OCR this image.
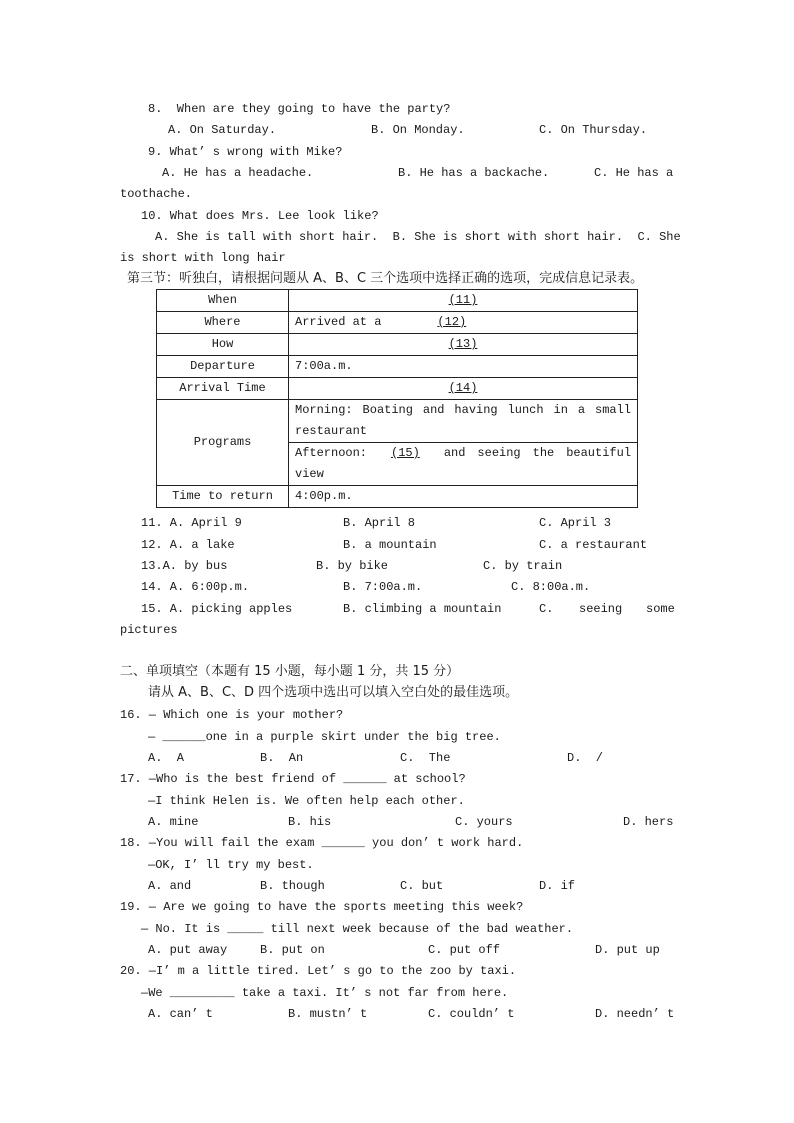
8.  When are they going to have the party?
A. On Saturday.	B. On Monday.	C. On Thursday.
9. What’ s wrong with Mike?
A. He has a headache.	B. He has a backache.	C. He has a
toothache.
10. What does Mrs. Lee look like?
A. She is tall with short hair.  B. She is short with short hair.  C. She
is short with long hair
第三节：听独白，请根据问题从 A、B、C 三个选项中选择正确的选项，完成信息记录表。
When	(11)
Where	Arrived at a (12)
How	(13)
Departure	7:00a.m.
Arrival Time	(14)
Programs	Morning: Boating and having lunch in a small restaurant
	Afternoon: (15) and seeing the beautiful view
Time to return	4:00p.m.
11. A. April 9	B. April 8	C. April 3
12. A. a lake	B. a mountain	C. a restaurant
13.A. by bus	B. by bike	C. by train
14. A. 6:00p.m.	B. 7:00a.m.	C. 8:00a.m.
15. A. picking apples	B. climbing a mountain	C. seeing some
pictures
二、单项填空（本题有 15 小题，每小题 1 分，共 15 分）
请从 A、B、C、D 四个选项中选出可以填入空白处的最佳选项。
16. — Which one is your mother?
— ______one in a purple skirt under the big tree.
A.  A	B.  An	C.  The	D.  /
17. —Who is the best friend of ______ at school?
—I think Helen is. We often help each other.
A. mine	B. his	C. yours	D. hers
18. —You will fail the exam ______ you don’ t work hard.
—OK, I’ ll try my best.
A. and	B. though	C. but	D. if
19. — Are we going to have the sports meeting this week?
— No. It is _____ till next week because of the bad weather.
A. put away	B. put on	C. put off	D. put up
20. —I’ m a little tired. Let’ s go to the zoo by taxi.
—We _________ take a taxi. It’ s not far from here.
A. can’ t	B. mustn’ t	C. couldn’ t	D. needn’ t
